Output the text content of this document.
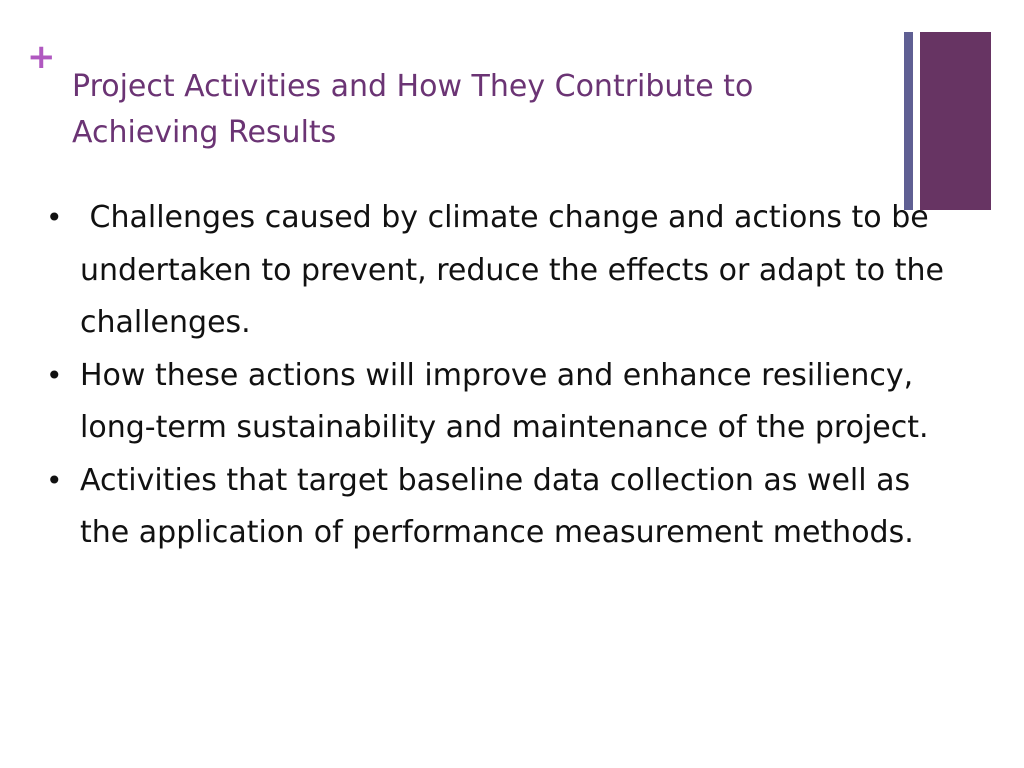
+
Project Activities and How They Contribute to Achieving Results
• Challenges caused by climate change and actions to be undertaken to prevent, reduce the effects or adapt to the challenges.
• How these actions will improve and enhance resiliency, long-term sustainability and maintenance of the project.
• Activities that target baseline data collection as well as the application of performance measurement methods.
